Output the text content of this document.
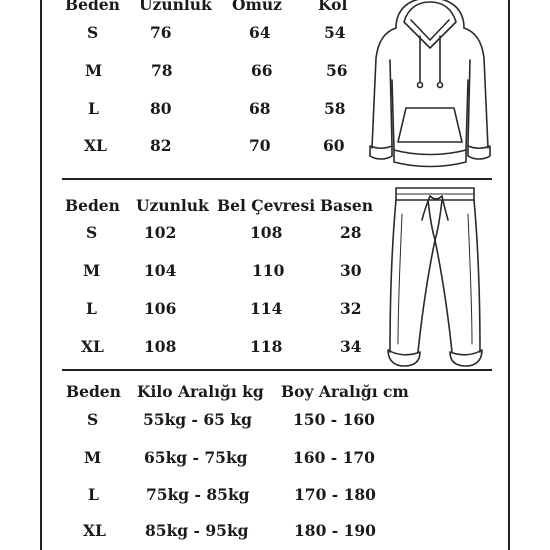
Beden Uzunluk Omuz Kol
S	76	64	54
M	78	66	56
L	80	68	58
XL	82	70	60
Beden Uzunluk Bel Çevresi Basen
S	102	108	28
M	104	110	30
L	106	114	32
XL	108	118	34
Beden Kilo Aralığı kg Boy Aralığı cm
S	55kg - 65 kg	150 - 160
M	65kg - 75kg	160 - 170
L	75kg - 85kg	170 - 180
XL	85kg - 95kg	180 - 190
